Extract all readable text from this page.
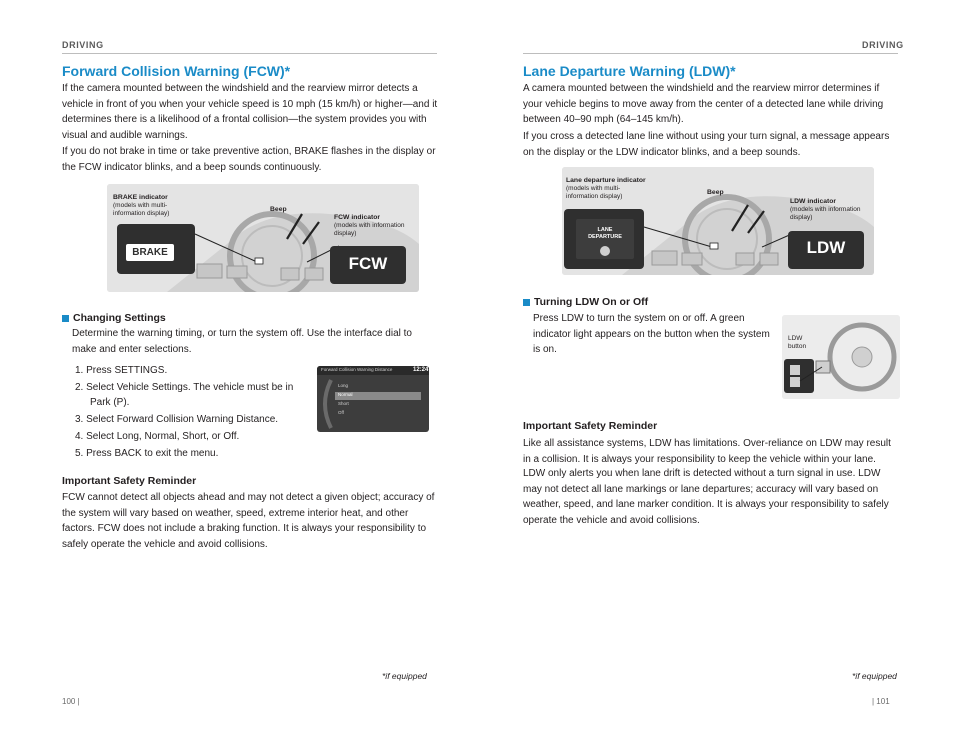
DRIVING
Forward Collision Warning (FCW)*
If the camera mounted between the windshield and the rearview mirror detects a vehicle in front of you when your vehicle speed is 10 mph (15 km/h) or higher—and it determines there is a likelihood of a frontal collision—the system provides you with visual and audible warnings.
If you do not brake in time or take preventive action, BRAKE flashes in the display or the FCW indicator blinks, and a beep sounds continuously.
BRAKE indicator
(models with multi-information display)
Beep
FCW indicator
(models with information display)
BRAKE
FCW
Changing Settings
Determine the warning timing, or turn the system off. Use the interface dial to make and enter selections.
1. Press SETTINGS.
2. Select Vehicle Settings. The vehicle must be in
Park (P).
3. Select Forward Collision Warning Distance.
4. Select Long, Normal, Short, or Off.
5. Press BACK to exit the menu.
Forward Collision Warning Distance	12:24
Long
Normal
Short
Off
Important Safety Reminder
FCW cannot detect all objects ahead and may not detect a given object; accuracy of the system will vary based on weather, speed, extreme interior heat, and other factors. FCW does not include a braking function. It is always your responsibility to safely operate the vehicle and avoid collisions.
*if equipped
100 |
DRIVING
Lane Departure Warning (LDW)*
A camera mounted between the windshield and the rearview mirror determines if your vehicle begins to move away from the center of a detected lane while driving between 40–90 mph (64–145 km/h).
If you cross a detected lane line without using your turn signal, a message appears on the display or the LDW indicator blinks, and a beep sounds.
Lane departure indicator
(models with multi-information display)
Beep
LDW indicator
(models with information display)
LANE
DEPARTURE
LDW
Turning LDW On or Off
Press LDW to turn the system on or off. A green indicator light appears on the button when the system is on.
LDW
button
Important Safety Reminder
Like all assistance systems, LDW has limitations. Over-reliance on LDW may result in a collision. It is always your responsibility to keep the vehicle within your lane.
LDW only alerts you when lane drift is detected without a turn signal in use. LDW may not detect all lane markings or lane departures; accuracy will vary based on weather, speed, and lane marker condition. It is always your responsibility to safely operate the vehicle and avoid collisions.
*if equipped
| 101
